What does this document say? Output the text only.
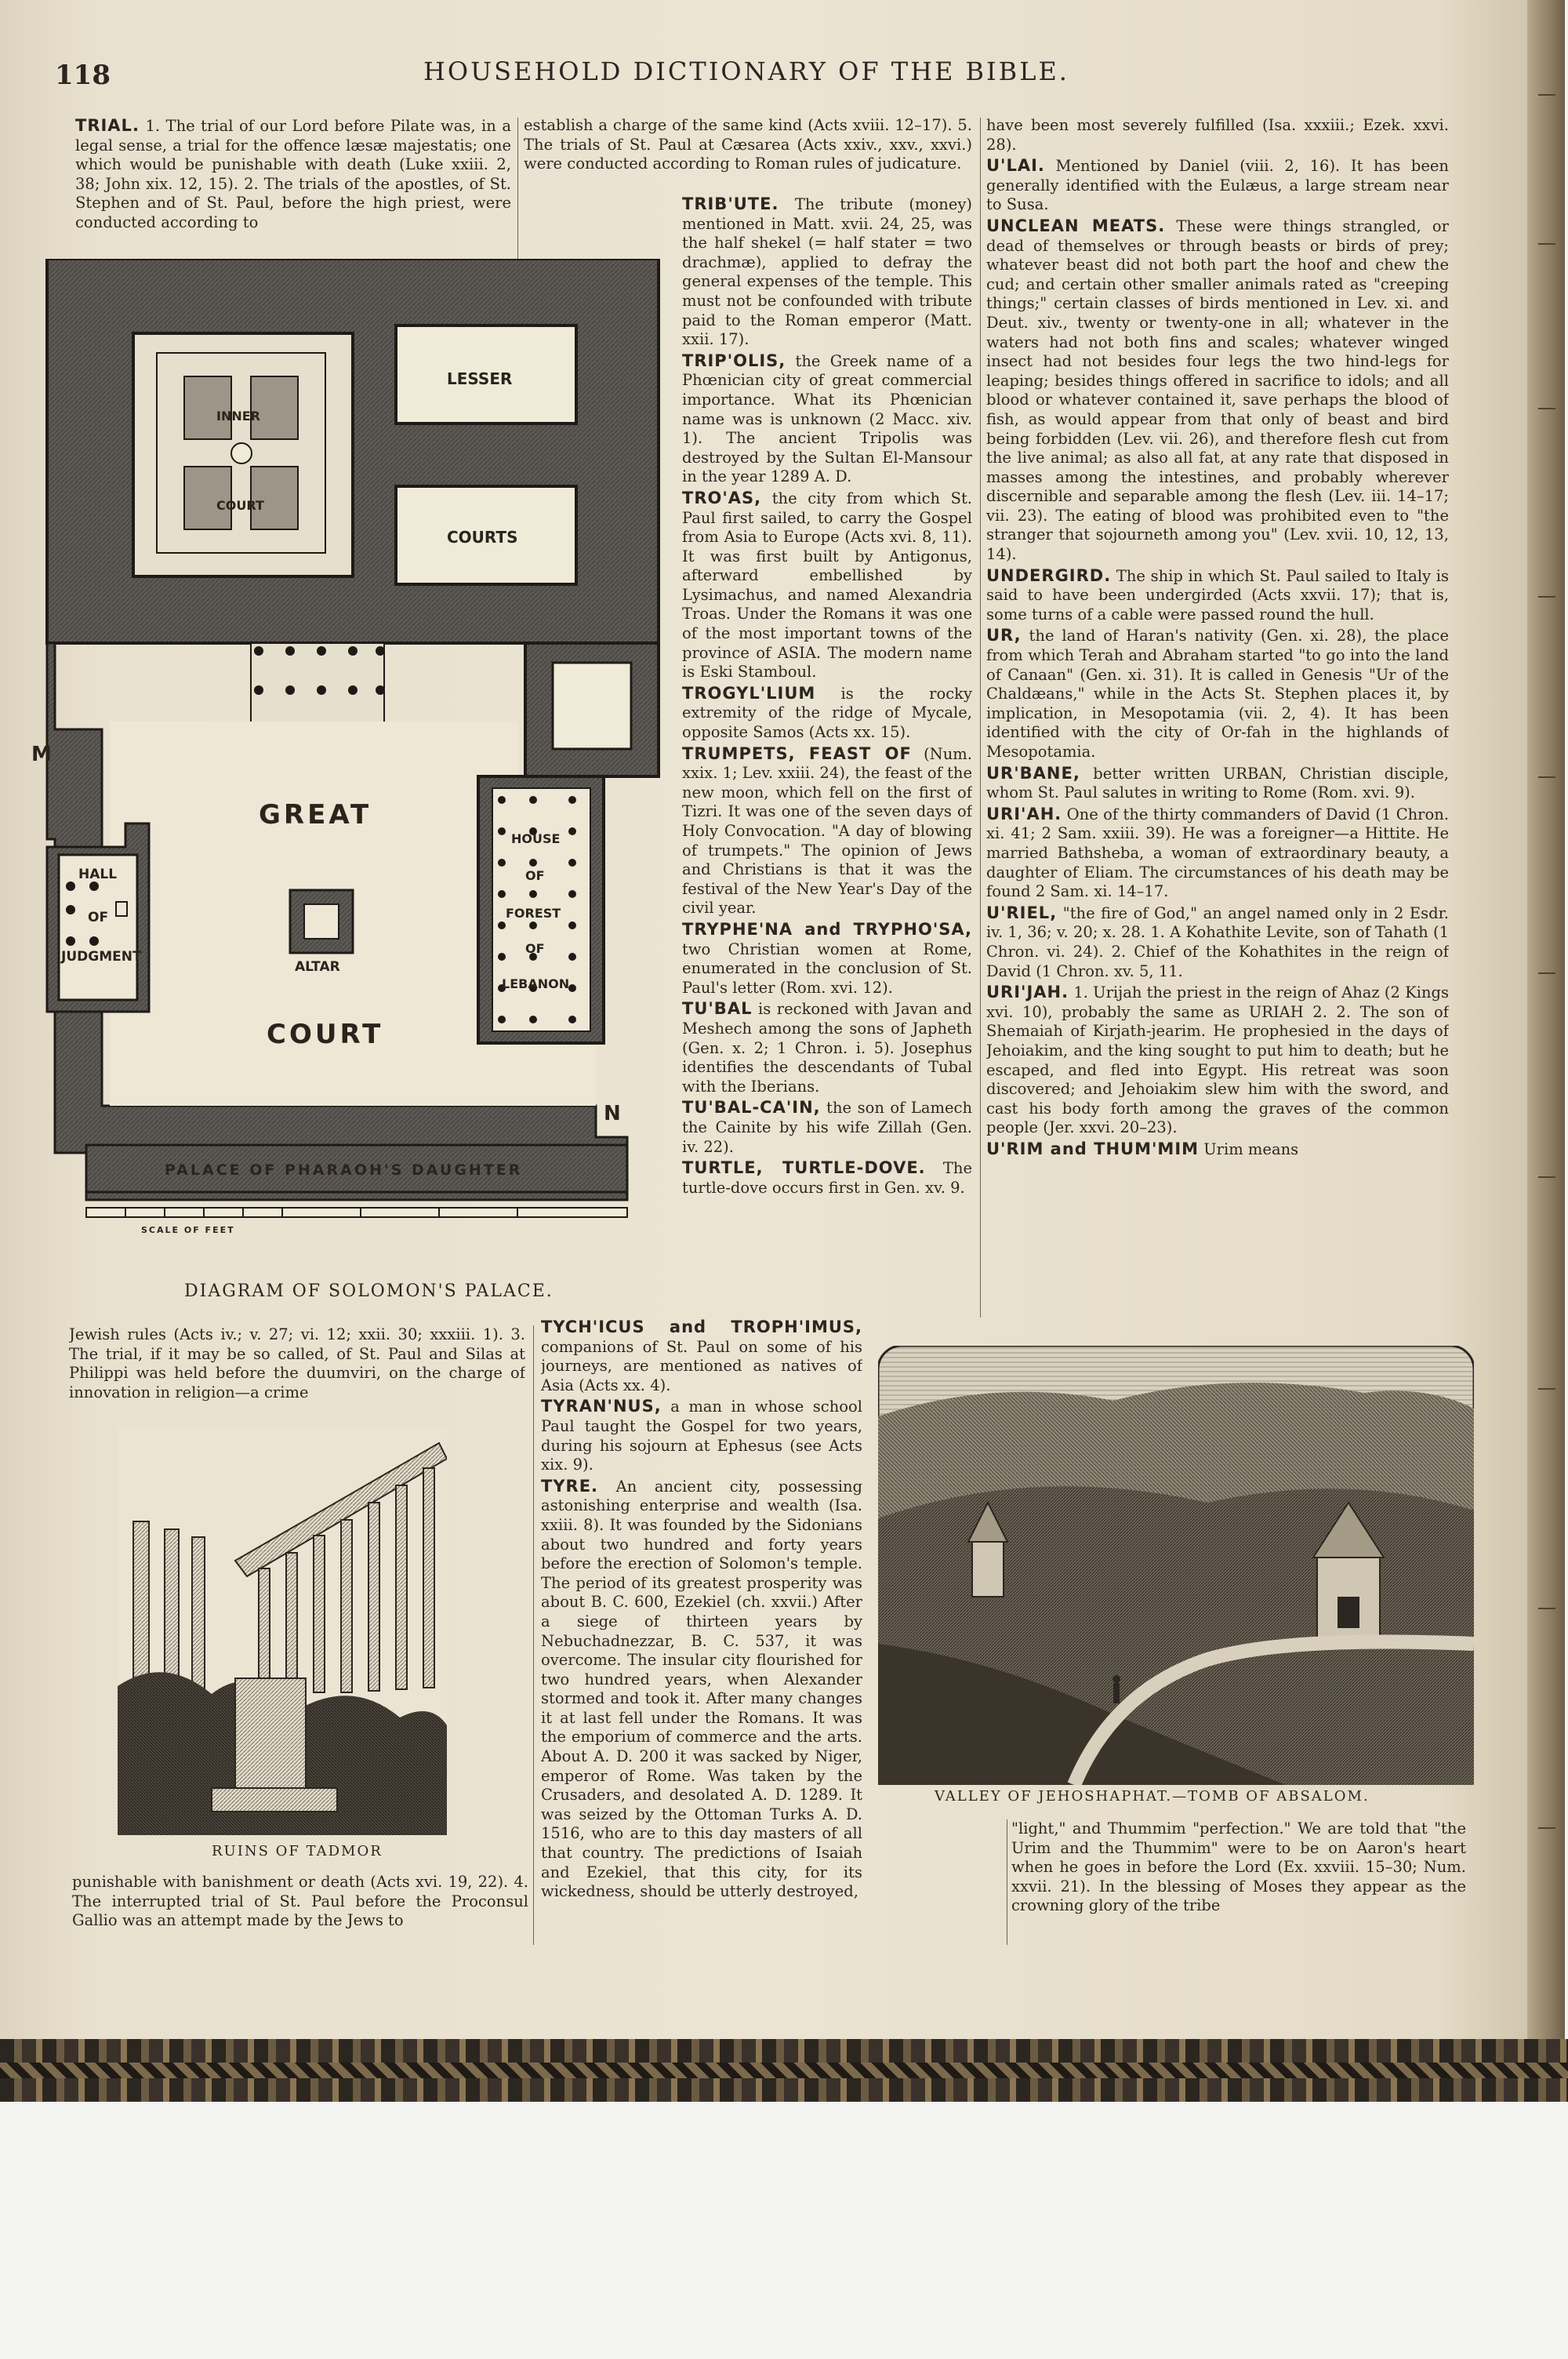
118	HOUSEHOLD DICTIONARY OF THE BIBLE.

TRIAL. 1. The trial of our Lord before Pilate was, in a legal sense, a trial for the offence læsæ majestatis; one which would be punishable with death (Luke xxiii. 2, 38; John xix. 12, 15). 2. The trials of the apostles, of St. Stephen and of St. Paul, before the high priest, were conducted according to

establish a charge of the same kind (Acts xviii. 12–17). 5. The trials of St. Paul at Cæsarea (Acts xxiv., xxv., xxvi.) were conducted according to Roman rules of judicature.

TRIB'UTE. The tribute (money) mentioned in Matt. xvii. 24, 25, was the half shekel (= half stater = two drachmæ), applied to defray the general expenses of the temple. This must not be confounded with tribute paid to the Roman emperor (Matt. xxii. 17).

TRIP'OLIS, the Greek name of a Phœnician city of great commercial importance. What its Phœnician name was is unknown (2 Macc. xiv. 1). The ancient Tripolis was destroyed by the Sultan El-Mansour in the year 1289 A. D.

TRO'AS, the city from which St. Paul first sailed, to carry the Gospel from Asia to Europe (Acts xvi. 8, 11). It was first built by Antigonus, afterward embellished by Lysimachus, and named Alexandria Troas. Under the Romans it was one of the most important towns of the province of ASIA. The modern name is Eski Stamboul.

TROGYL'LIUM is the rocky extremity of the ridge of Mycale, opposite Samos (Acts xx. 15).

TRUMPETS, FEAST OF (Num. xxix. 1; Lev. xxiii. 24), the feast of the new moon, which fell on the first of Tizri. It was one of the seven days of Holy Convocation. "A day of blowing of trumpets." The opinion of Jews and Christians is that it was the festival of the New Year's Day of the civil year.

TRYPHE'NA and TRYPHO'SA, two Christian women at Rome, enumerated in the conclusion of St. Paul's letter (Rom. xvi. 12).

TU'BAL is reckoned with Javan and Meshech among the sons of Japheth (Gen. x. 2; 1 Chron. i. 5). Josephus identifies the descendants of Tubal with the Iberians.

TU'BAL-CA'IN, the son of Lamech the Cainite by his wife Zillah (Gen. iv. 22).

TURTLE, TURTLE-DOVE. The turtle-dove occurs first in Gen. xv. 9.

have been most severely fulfilled (Isa. xxxiii.; Ezek. xxvi. 28).

U'LAI. Mentioned by Daniel (viii. 2, 16). It has been generally identified with the Eulæus, a large stream near to Susa.

UNCLEAN MEATS. These were things strangled, or dead of themselves or through beasts or birds of prey; whatever beast did not both part the hoof and chew the cud; and certain other smaller animals rated as "creeping things;" certain classes of birds mentioned in Lev. xi. and Deut. xiv., twenty or twenty-one in all; whatever in the waters had not both fins and scales; whatever winged insect had not besides four legs the two hind-legs for leaping; besides things offered in sacrifice to idols; and all blood or whatever contained it, save perhaps the blood of fish, as would appear from that only of beast and bird being forbidden (Lev. vii. 26), and therefore flesh cut from the live animal; as also all fat, at any rate that disposed in masses among the intestines, and probably wherever discernible and separable among the flesh (Lev. iii. 14–17; vii. 23). The eating of blood was prohibited even to "the stranger that sojourneth among you" (Lev. xvii. 10, 12, 13, 14).

UNDERGIRD. The ship in which St. Paul sailed to Italy is said to have been undergirded (Acts xxvii. 17); that is, some turns of a cable were passed round the hull.

UR, the land of Haran's nativity (Gen. xi. 28), the place from which Terah and Abraham started "to go into the land of Canaan" (Gen. xi. 31). It is called in Genesis "Ur of the Chaldæans," while in the Acts St. Stephen places it, by implication, in Mesopotamia (vii. 2, 4). It has been identified with the city of Or-fah in the highlands of Mesopotamia.

UR'BANE, better written URBAN, Christian disciple, whom St. Paul salutes in writing to Rome (Rom. xvi. 9).

URI'AH. One of the thirty commanders of David (1 Chron. xi. 41; 2 Sam. xxiii. 39). He was a foreigner—a Hittite. He married Bathsheba, a woman of extraordinary beauty, a daughter of Eliam. The circumstances of his death may be found 2 Sam. xi. 14–17.

U'RIEL, "the fire of God," an angel named only in 2 Esdr. iv. 1, 36; v. 20; x. 28. 1. A Kohathite Levite, son of Tahath (1 Chron. vi. 24). 2. Chief of the Kohathites in the reign of David (1 Chron. xv. 5, 11.

URI'JAH. 1. Urijah the priest in the reign of Ahaz (2 Kings xvi. 10), probably the same as URIAH 2. 2. The son of Shemaiah of Kirjath-jearim. He prophesied in the days of Jehoiakim, and the king sought to put him to death; but he escaped, and fled into Egypt. His retreat was soon discovered; and Jehoiakim slew him with the sword, and cast his body forth among the graves of the common people (Jer. xxvi. 20–23).

U'RIM and THUM'MIM Urim means

INNER
COURT
LESSER
COURTS
HOUSE
OF
FOREST
OF
LEBANON
HALL
OF
JUDGMENT
ALTAR
GREAT
COURT
PALACE OF PHARAOH'S DAUGHTER
SCALE OF FEET
M
N
DIAGRAM OF SOLOMON'S PALACE.

Jewish rules (Acts iv.; v. 27; vi. 12; xxii. 30; xxxiii. 1). 3. The trial, if it may be so called, of St. Paul and Silas at Philippi was held before the duumviri, on the charge of innovation in religion—a crime

RUINS OF TADMOR

punishable with banishment or death (Acts xvi. 19, 22). 4. The interrupted trial of St. Paul before the Proconsul Gallio was an attempt made by the Jews to

TYCH'ICUS and TROPH'IMUS, companions of St. Paul on some of his journeys, are mentioned as natives of Asia (Acts xx. 4).

TYRAN'NUS, a man in whose school Paul taught the Gospel for two years, during his sojourn at Ephesus (see Acts xix. 9).

TYRE. An ancient city, possessing astonishing enterprise and wealth (Isa. xxiii. 8). It was founded by the Sidonians about two hundred and forty years before the erection of Solomon's temple. The period of its greatest prosperity was about B. C. 600, Ezekiel (ch. xxvii.) After a siege of thirteen years by Nebuchadnezzar, B. C. 537, it was overcome. The insular city flourished for two hundred years, when Alexander stormed and took it. After many changes it at last fell under the Romans. It was the emporium of commerce and the arts. About A. D. 200 it was sacked by Niger, emperor of Rome. Was taken by the Crusaders, and desolated A. D. 1289. It was seized by the Ottoman Turks A. D. 1516, who are to this day masters of all that country. The predictions of Isaiah and Ezekiel, that this city, for its wickedness, should be utterly destroyed,

VALLEY OF JEHOSHAPHAT.—TOMB OF ABSALOM.

"light," and Thummim "perfection." We are told that "the Urim and the Thummim" were to be on Aaron's heart when he goes in before the Lord (Ex. xxviii. 15–30; Num. xxvii. 21). In the blessing of Moses they appear as the crowning glory of the tribe
